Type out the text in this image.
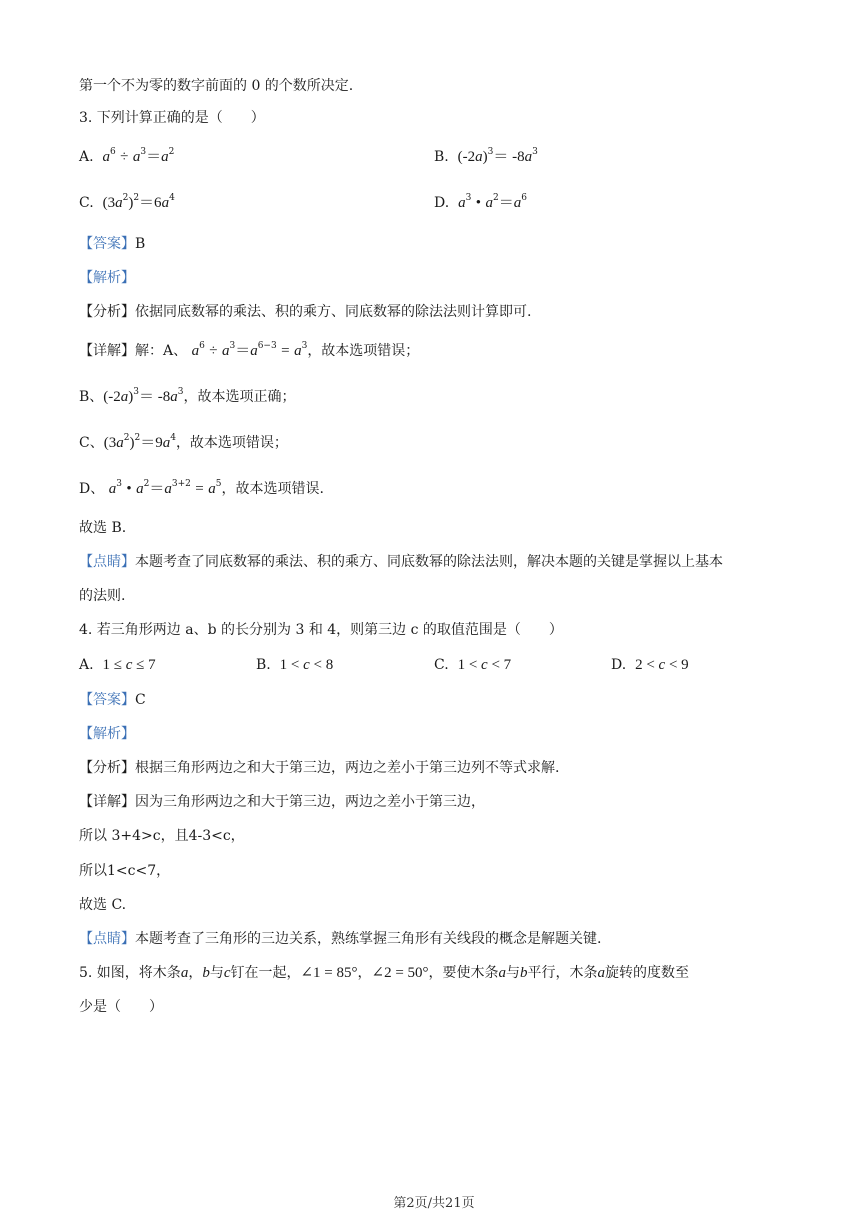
第一个不为零的数字前面的 0 的个数所决定.
3. 下列计算正确的是（　　）
A. $a^6 \div a^3=a^2$	B. $(-2a)^3= -8a^3$
C. $(3a^2)^2=6a^4$	D. $a^3$ • $a^2=a^6$
【答案】B
【解析】
【分析】依据同底数幂的乘法、积的乘方、同底数幂的除法法则计算即可.
【详解】解：A、 $a^6 \div a^3=a^{6-3} = a^3$，故本选项错误；
B、$(-2a)^3= -8a^3$，故本选项正确；
C、$(3a^2)^2=9a^4$，故本选项错误；
D、 $a^3$ • $a^2=a^{3+2} = a^5$，故本选项错误.
故选 B.
【点睛】本题考查了同底数幂的乘法、积的乘方、同底数幂的除法法则，解决本题的关键是掌握以上基本
的法则.
4. 若三角形两边 a、b 的长分别为 3 和 4，则第三边 c 的取值范围是（　　）
A.  1 ≤ c ≤ 7	B.  1 < c < 8	C.  1 < c < 7	D.  2 < c < 9
【答案】C
【解析】
【分析】根据三角形两边之和大于第三边，两边之差小于第三边列不等式求解.
【详解】因为三角形两边之和大于第三边，两边之差小于第三边，
所以 3+4>c，且4-3<c，
所以1<c<7，
故选 C.
【点睛】本题考查了三角形的三边关系，熟练掌握三角形有关线段的概念是解题关键.
5. 如图，将木条a，b与c钉在一起，∠1 = 85°，∠2 = 50°，要使木条a与b平行，木条a旋转的度数至
少是（　　）
第2页/共21页
